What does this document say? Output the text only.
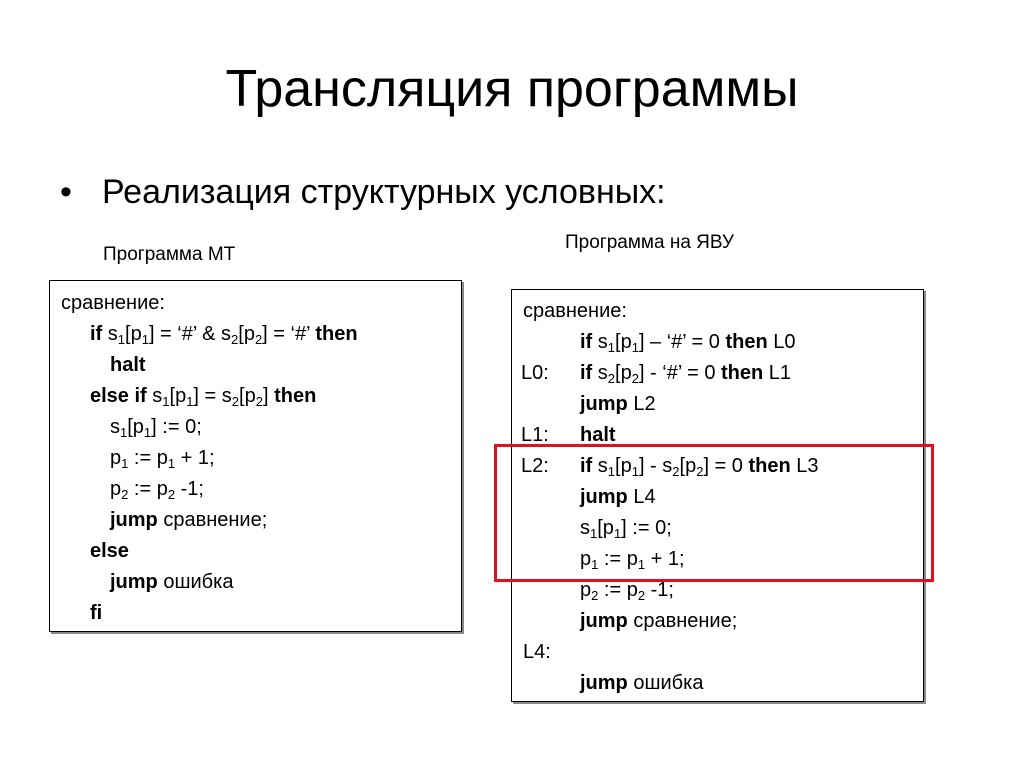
Трансляция программы
• Реализация структурных условных:
Программа МТ
Программа на ЯВУ
сравнение:
if $s_1[p_1]$ = ‘#’ & $s_2[p_2]$ = ‘#’ then
halt
else if $s_1[p_1] = s_2[p_2]$ then
$s_1[p_1]$ := 0;
$p_1$ := $p_1 + 1$;
$p_2$ := $p_2$ -1;
jump сравнение;
else
jump ошибка
fi
сравнение:
if $s_1[p_1]$ – ‘#’ = 0 then L0
L0: if $s_2[p_2]$ - ‘#’ = 0 then L1
jump L2
L1: halt
L2: if $s_1[p_1] - s_2[p_2] = 0$ then L3
jump L4
$s_1[p_1]$ := 0;
$p_1$ := $p_1 + 1$;
$p_2$ := $p_2$ -1;
jump сравнение;
L4:
jump ошибка
